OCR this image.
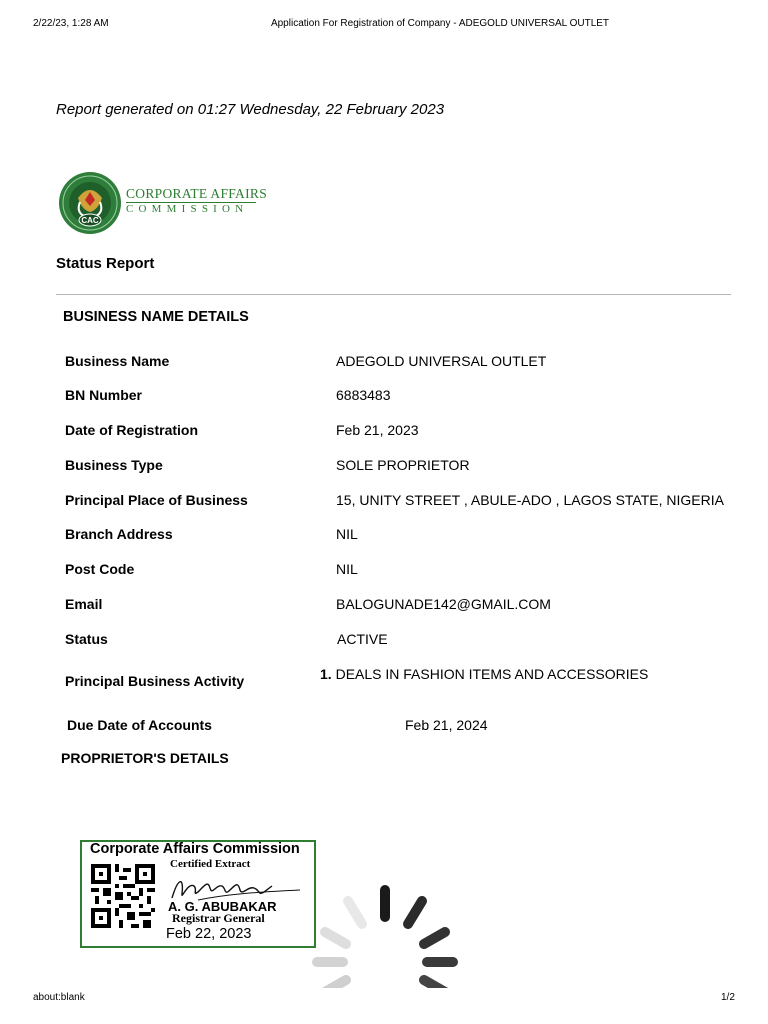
2/22/23, 1:28 AM	Application For Registration of Company - ADEGOLD UNIVERSAL OUTLET
Report generated on 01:27 Wednesday, 22 February 2023
CAC
CORPORATE AFFAIRS
COMMISSION
Status Report
BUSINESS NAME DETAILS
Business Name	ADEGOLD UNIVERSAL OUTLET
BN Number	6883483
Date of Registration	Feb 21, 2023
Business Type	SOLE PROPRIETOR
Principal Place of Business	15, UNITY STREET , ABULE-ADO , LAGOS STATE, NIGERIA
Branch Address	NIL
Post Code	NIL
Email	BALOGUNADE142@GMAIL.COM
Status	ACTIVE
Principal Business Activity	1. DEALS IN FASHION ITEMS AND ACCESSORIES
Due Date of Accounts	Feb 21, 2024
PROPRIETOR'S DETAILS
Corporate Affairs Commission
Certified Extract
A. G. ABUBAKAR
Registrar General
Feb 22, 2023
about:blank	1/2
